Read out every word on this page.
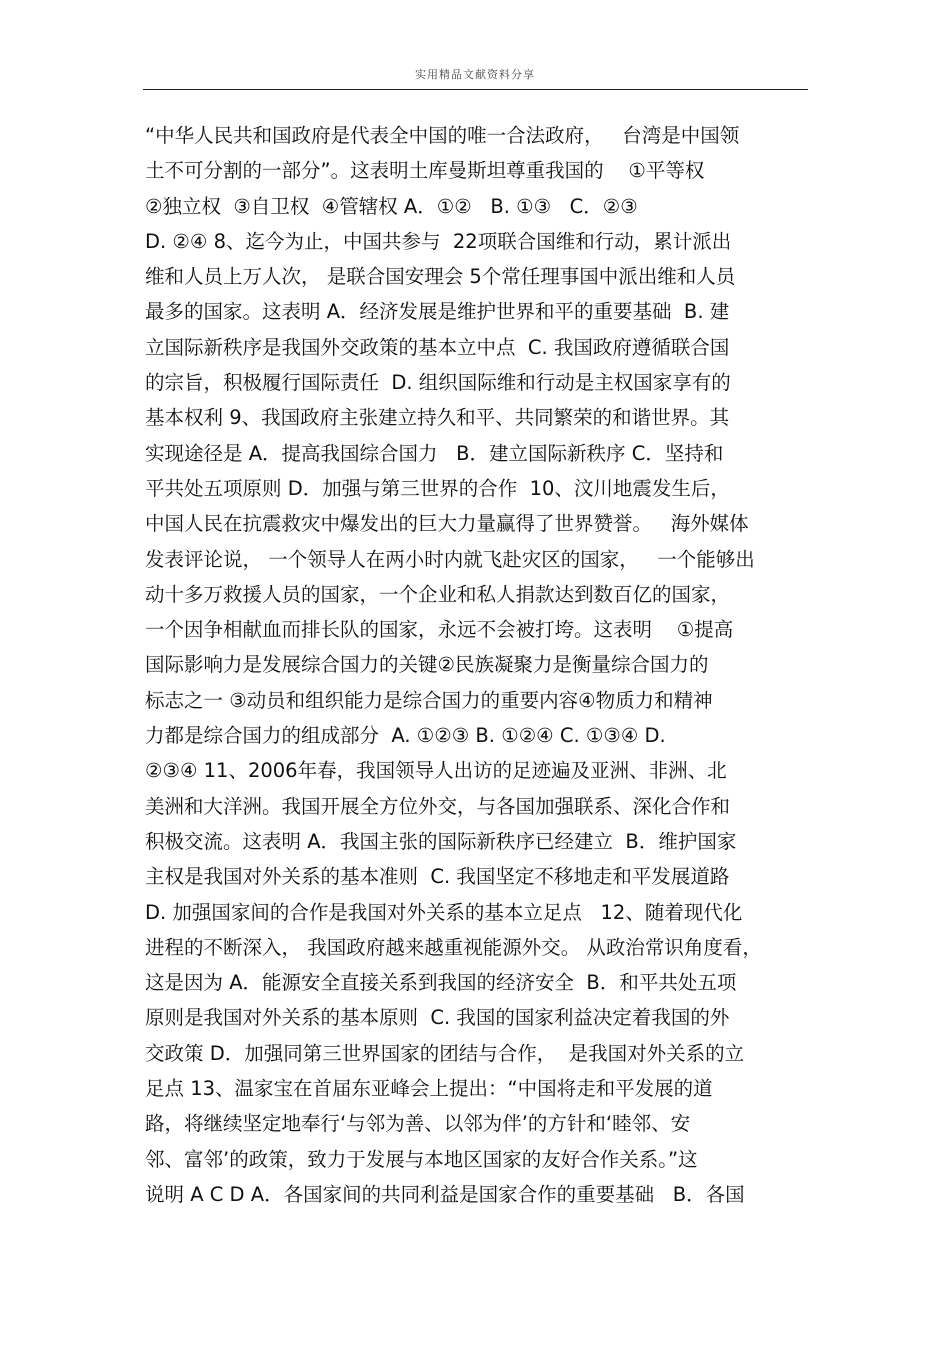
实用精品文献资料分享
“中华人民共和国政府是代表全中国的唯一合法政府，   台湾是中国领
土不可分割的一部分”。这表明土库曼斯坦尊重我国的    ①平等权
②独立权  ③自卫权  ④管辖权 A．①②   B. ①③   C．②③
D. ②④ 8、迄今为止，中国共参与  22项联合国维和行动，累计派出
维和人员上万人次， 是联合国安理会 5个常任理事国中派出维和人员
最多的国家。这表明 A．经济发展是维护世界和平的重要基础  B. 建
立国际新秩序是我国外交政策的基本立中点  C. 我国政府遵循联合国
的宗旨，积极履行国际责任  D. 组织国际维和行动是主权国家享有的
基本权利 9、我国政府主张建立持久和平、共同繁荣的和谐世界。其
实现途径是 A．提高我国综合国力   B．建立国际新秩序 C．坚持和
平共处五项原则 D．加强与第三世界的合作  10、汶川地震发生后，
中国人民在抗震救灾中爆发出的巨大力量赢得了世界赞誉。   海外媒体
发表评论说， 一个领导人在两小时内就飞赴灾区的国家，   一个能够出
动十多万救援人员的国家，一个企业和私人捐款达到数百亿的国家，
一个因争相献血而排长队的国家，永远不会被打垮。这表明    ①提高
国际影响力是发展综合国力的关键②民族凝聚力是衡量综合国力的
标志之一 ③动员和组织能力是综合国力的重要内容④物质力和精神
力都是综合国力的组成部分  A. ①②③ B. ①②④ C. ①③④ D.
②③④ 11、2006年春，我国领导人出访的足迹遍及亚洲、非洲、北
美洲和大洋洲。我国开展全方位外交，与各国加强联系、深化合作和
积极交流。这表明 A．我国主张的国际新秩序已经建立  B．维护国家
主权是我国对外关系的基本准则  C. 我国坚定不移地走和平发展道路
D. 加强国家间的合作是我国对外关系的基本立足点   12、随着现代化
进程的不断深入， 我国政府越来越重视能源外交。 从政治常识角度看，
这是因为 A．能源安全直接关系到我国的经济安全  B．和平共处五项
原则是我国对外关系的基本原则  C. 我国的国家利益决定着我国的外
交政策 D．加强同第三世界国家的团结与合作，  是我国对外关系的立
足点 13、温家宝在首届东亚峰会上提出：“中国将走和平发展的道
路，将继续坚定地奉行‘与邻为善、以邻为伴’的方针和‘睦邻、安
邻、富邻’的政策，致力于发展与本地区国家的友好合作关系。”这
说明 A C D A．各国家间的共同利益是国家合作的重要基础   B．各国
